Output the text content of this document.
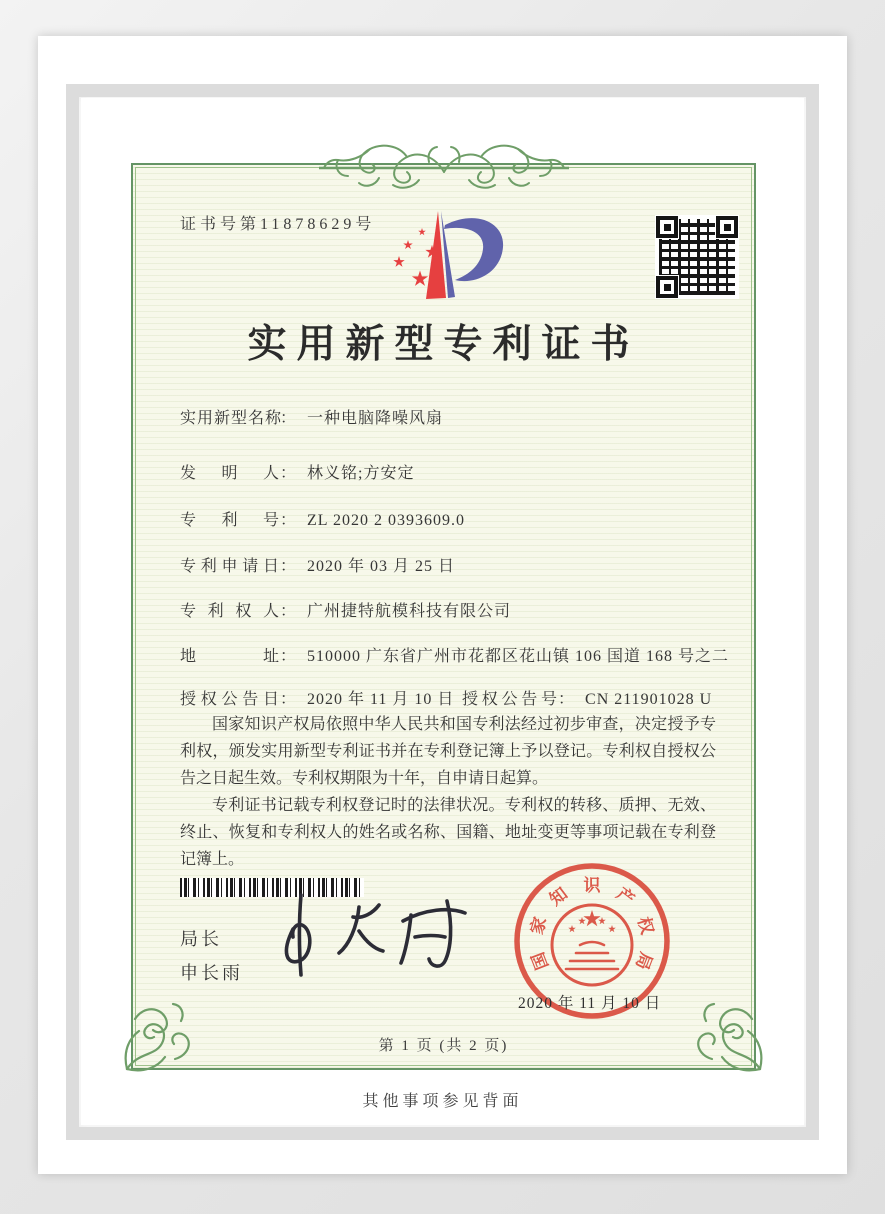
证书号第11878629号
实用新型专利证书
实用新型名称： 一种电脑降噪风扇
发明人： 林义铭;方安定
专利号： ZL 2020 2 0393609.0
专利申请日： 2020 年 03 月 25 日
专利权人： 广州捷特航模科技有限公司
地址： 510000 广东省广州市花都区花山镇 106 国道 168 号之二
授权公告日： 2020 年 11 月 10 日 授权公告号： CN 211901028 U

国家知识产权局依照中华人民共和国专利法经过初步审查，决定授予专利权，颁发实用新型专利证书并在专利登记簿上予以登记。专利权自授权公告之日起生效。专利权期限为十年，自申请日起算。

专利证书记载专利权登记时的法律状况。专利权的转移、质押、无效、终止、恢复和专利权人的姓名或名称、国籍、地址变更等事项记载在专利登记簿上。

局长
申长雨
国
家
知 识 产
权
局
2020 年 11 月 10 日
第 1 页 (共 2 页)
其他事项参见背面
